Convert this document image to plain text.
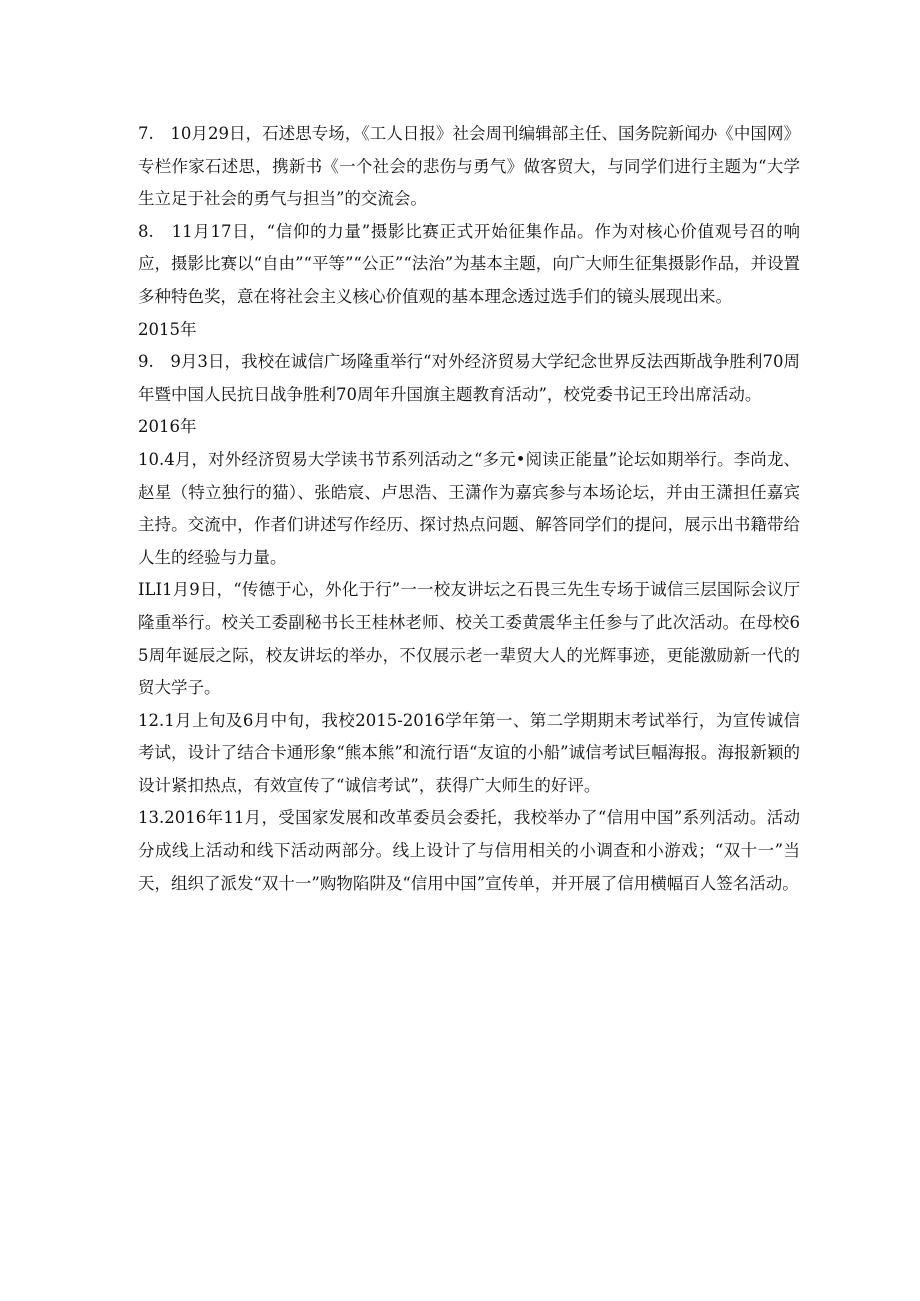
7.　10月29日，石述思专场，《工人日报》社会周刊编辑部主任、国务院新闻办《中国网》专栏作家石述思，携新书《一个社会的悲伤与勇气》做客贸大，与同学们进行主题为“大学生立足于社会的勇气与担当”的交流会。

8.　11月17日，“信仰的力量”摄影比赛正式开始征集作品。作为对核心价值观号召的响应，摄影比赛以“自由”“平等”“公正”“法治”为基本主题，向广大师生征集摄影作品，并设置多种特色奖，意在将社会主义核心价值观的基本理念透过选手们的镜头展现出来。

2015年

9.　9月3日，我校在诚信广场隆重举行“对外经济贸易大学纪念世界反法西斯战争胜利70周年暨中国人民抗日战争胜利70周年升国旗主题教育活动”，校党委书记王玲出席活动。

2016年

10.4月，对外经济贸易大学读书节系列活动之“多元•阅读正能量”论坛如期举行。李尚龙、赵星（特立独行的猫）、张皓宸、卢思浩、王潇作为嘉宾参与本场论坛，并由王潇担任嘉宾主持。交流中，作者们讲述写作经历、探讨热点问题、解答同学们的提问，展示出书籍带给人生的经验与力量。

ILI1月9日，“传德于心，外化于行”一一校友讲坛之石畏三先生专场于诚信三层国际会议厅隆重举行。校关工委副秘书长王桂林老师、校关工委黄震华主任参与了此次活动。在母校65周年诞辰之际，校友讲坛的举办，不仅展示老一辈贸大人的光辉事迹，更能激励新一代的贸大学子。

12.1月上旬及6月中旬，我校2015-2016学年第一、第二学期期末考试举行，为宣传诚信考试，设计了结合卡通形象“熊本熊”和流行语“友谊的小船”诚信考试巨幅海报。海报新颖的设计紧扣热点，有效宣传了“诚信考试”，获得广大师生的好评。

13.2016年11月，受国家发展和改革委员会委托，我校举办了“信用中国”系列活动。活动分成线上活动和线下活动两部分。线上设计了与信用相关的小调查和小游戏；“双十一”当天，组织了派发“双十一”购物陷阱及“信用中国”宣传单，并开展了信用横幅百人签名活动。
